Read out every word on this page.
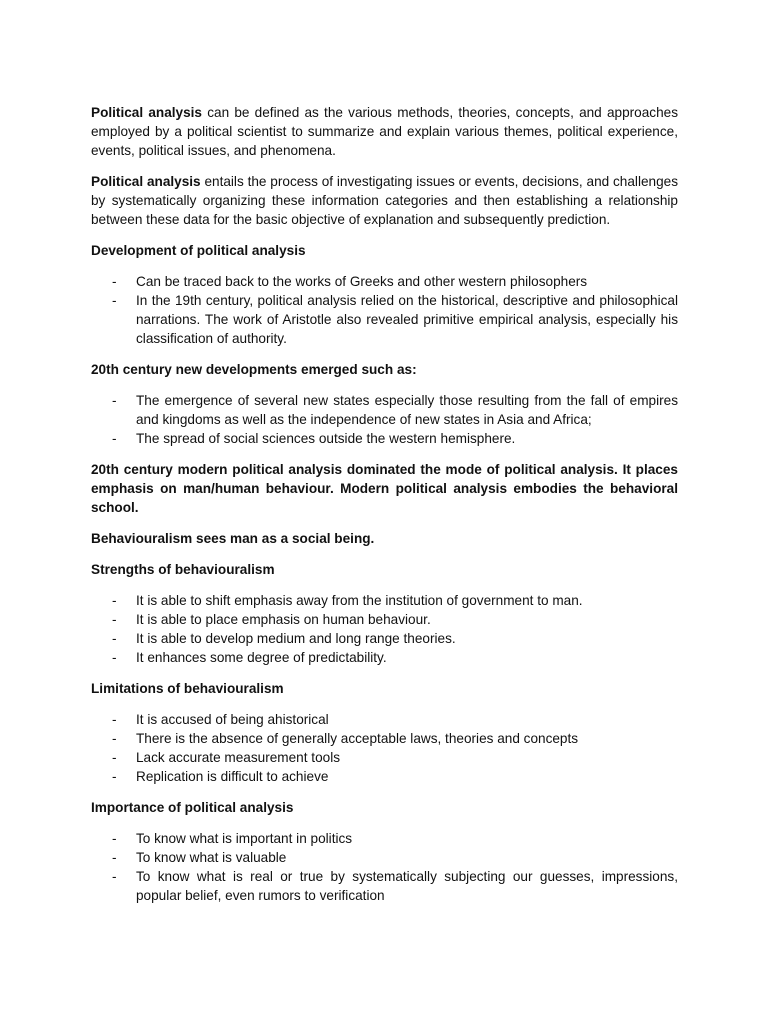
Political analysis can be defined as the various methods, theories, concepts, and approaches employed by a political scientist to summarize and explain various themes, political experience, events, political issues, and phenomena.

Political analysis entails the process of investigating issues or events, decisions, and challenges by systematically organizing these information categories and then establishing a relationship between these data for the basic objective of explanation and subsequently prediction.

Development of political analysis

- Can be traced back to the works of Greeks and other western philosophers
- In the 19th century, political analysis relied on the historical, descriptive and philosophical narrations. The work of Aristotle also revealed primitive empirical analysis, especially his classification of authority.

20th century new developments emerged such as:

- The emergence of several new states especially those resulting from the fall of empires and kingdoms as well as the independence of new states in Asia and Africa;
- The spread of social sciences outside the western hemisphere.

20th century modern political analysis dominated the mode of political analysis. It places emphasis on man/human behaviour. Modern political analysis embodies the behavioral school.

Behaviouralism sees man as a social being.

Strengths of behaviouralism

- It is able to shift emphasis away from the institution of government to man.
- It is able to place emphasis on human behaviour.
- It is able to develop medium and long range theories.
- It enhances some degree of predictability.

Limitations of behaviouralism

- It is accused of being ahistorical
- There is the absence of generally acceptable laws, theories and concepts
- Lack accurate measurement tools
- Replication is difficult to achieve

Importance of political analysis

- To know what is important in politics
- To know what is valuable
- To know what is real or true by systematically subjecting our guesses, impressions, popular belief, even rumors to verification
